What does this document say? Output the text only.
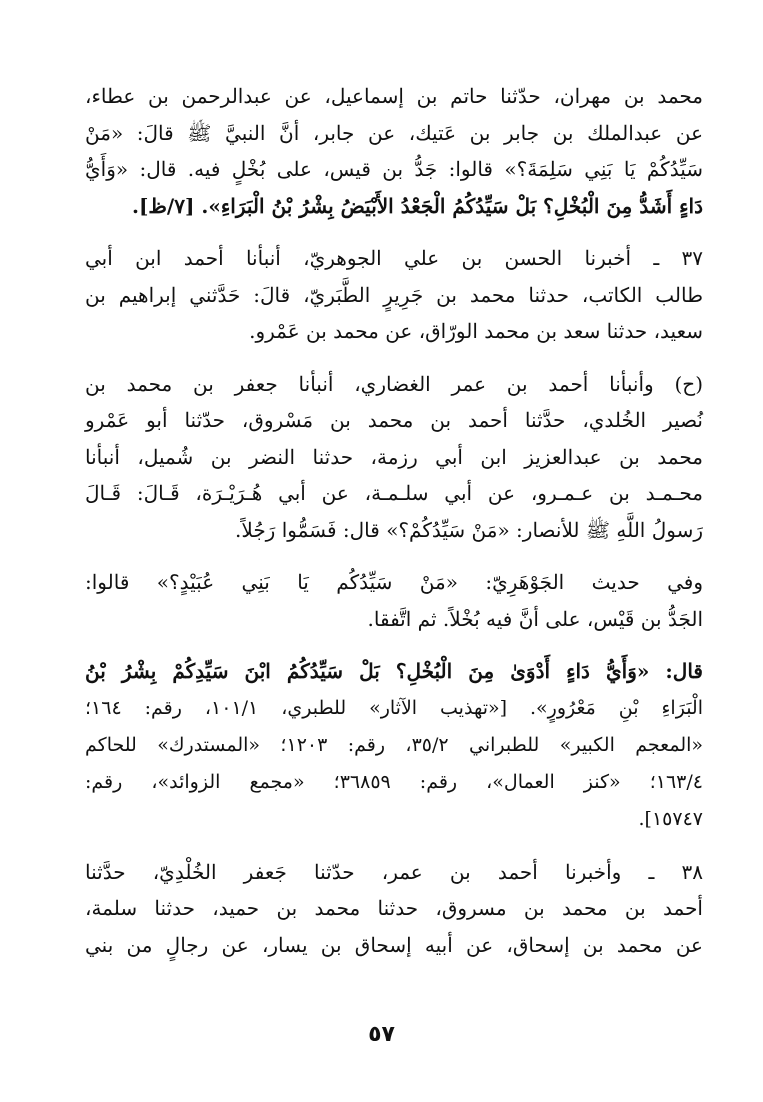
محمد بن مهران، حدّثنا حاتم بن إسماعيل، عن عبدالرحمن بن عطاء،
عن عبدالملك بن جابر بن عَتيك، عن جابر، أنَّ النبيَّ ﷺ قالَ: «مَنْ
سَيِّدُكُمْ يَا بَنِي سَلِمَةَ؟» قالوا: جَدُّ بن قيس، على بُخْلٍ فيه. قال: «وَأَيُّ
دَاءٍ أَشَدُّ مِنَ الْبُخْلِ؟ بَلْ سَيِّدُكُمُ الْجَعْدُ الأَبْيَضُ بِشْرُ بْنُ الْبَرَاءِ». [٧/ظ].
٣٧ ـ أخبرنا الحسن بن علي الجوهريّ، أنبأنا أحمد ابن أبي
طالب الكاتب، حدثنا محمد بن جَرِيرٍ الطَّبَريّ، قالَ: حَدَّثني إبراهيم بن
سعيد، حدثنا سعد بن محمد الورّاق، عن محمد بن عَمْرو.
(ح) وأنبأنا أحمد بن عمر الغضاري، أنبأنا جعفر بن محمد بن
نُصير الخُلدي، حدَّثنا أحمد بن محمد بن مَسْروق، حدّثنا أبو عَمْرو
محمد بن عبدالعزيز ابن أبي رزمة، حدثنا النضر بن شُميل، أنبأنا
محـمـد بن عـمـرو، عن أبي سلـمـة، عن أبي هُـرَيْـرَة، قَـالَ: قَـالَ
رَسولُ اللَّهِ ﷺ للأنصار: «مَنْ سَيِّدُكُمْ؟» قال: فَسَمُّوا رَجُلاً.
وفي حديث الجَوْهَرِيّ: «مَنْ سَيِّدُكُم يَا بَنِي عُبَيْدٍ؟» قالوا:
الجَدُّ بن قَيْس، على أنَّ فيه بُخْلاً. ثم اتَّفقا.
قال: «وَأَيُّ دَاءٍ أَدْوَىٰ مِنَ الْبُخْلِ؟ بَلْ سَيِّدُكُمُ ابْنَ سَيِّدِكُمْ بِشْرُ بْنُ
الْبَرَاءِ بْنِ مَعْرُورٍ». [«تهذيب الآثار» للطبري، ١٠١/١، رقم: ١٦٤؛
«المعجم الكبير» للطبراني ٣٥/٢، رقم: ١٢٠٣؛ «المستدرك» للحاكم
١٦٣/٤؛ «كنز العمال»، رقم: ٣٦٨٥٩؛ «مجمع الزوائد»، رقم:
١٥٧٤٧].
٣٨ ـ وأخبرنا أحمد بن عمر، حدّثنا جَعفر الخُلْدِيّ، حدَّثنا
أحمد بن محمد بن مسروق، حدثنا محمد بن حميد، حدثنا سلمة،
عن محمد بن إسحاق، عن أبيه إسحاق بن يسار، عن رجالٍ من بني
٥٧
